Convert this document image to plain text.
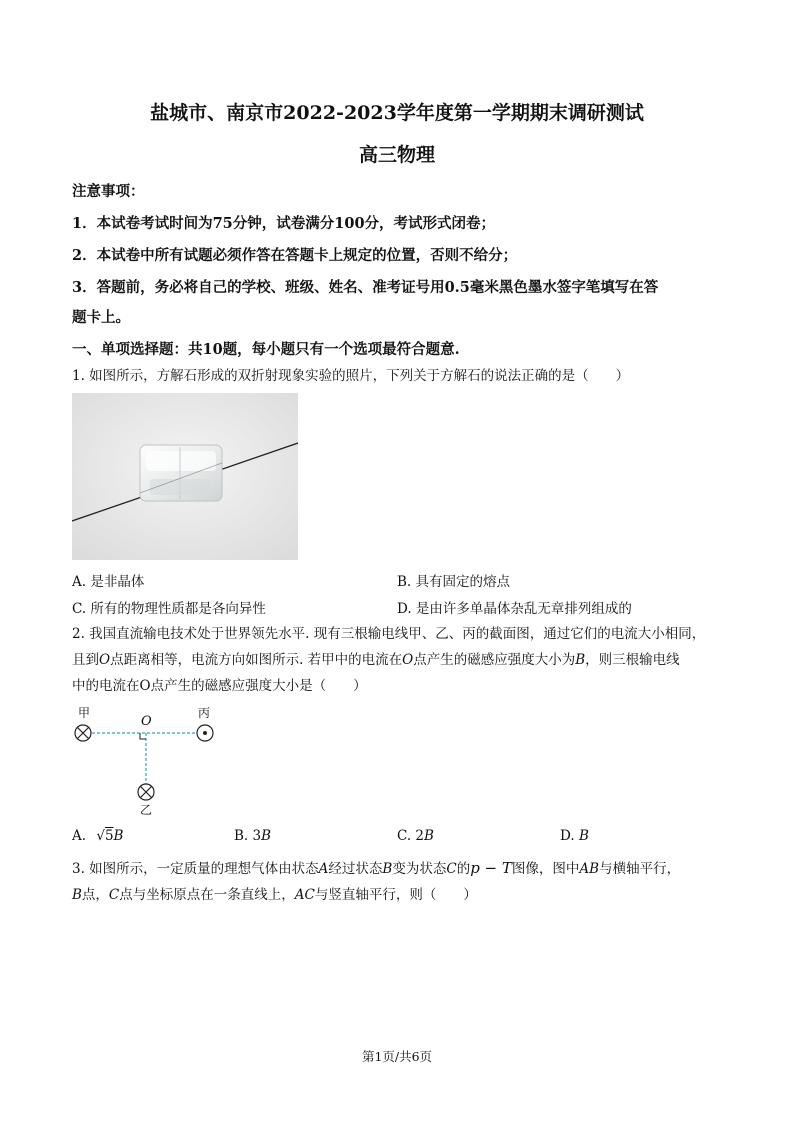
盐城市、南京市2022-2023学年度第一学期期末调研测试
高三物理
注意事项：
1．本试卷考试时间为75分钟，试卷满分100分，考试形式闭卷；
2．本试卷中所有试题必须作答在答题卡上规定的位置，否则不给分；
3．答题前，务必将自己的学校、班级、姓名、准考证号用0.5毫米黑色墨水签字笔填写在答
题卡上。
一、单项选择题：共10题，每小题只有一个选项最符合题意.
1. 如图所示，方解石形成的双折射现象实验的照片，下列关于方解石的说法正确的是（　　）
A. 是非晶体	B. 具有固定的熔点
C. 所有的物理性质都是各向异性	D. 是由许多单晶体杂乱无章排列组成的
2. 我国直流输电技术处于世界领先水平. 现有三根输电线甲、乙、丙的截面图，通过它们的电流大小相同，
且到O点距离相等，电流方向如图所示. 若甲中的电流在O点产生的磁感应强度大小为B，则三根输电线
中的电流在O点产生的磁感应强度大小是（　　）
甲
O
丙
乙
A. √5B	B. 3B	C. 2B	D. B
3. 如图所示，一定质量的理想气体由状态A经过状态B变为状态C的p − T图像，图中AB与横轴平行，
B点，C点与坐标原点在一条直线上，AC与竖直轴平行，则（　　）
第1页/共6页
